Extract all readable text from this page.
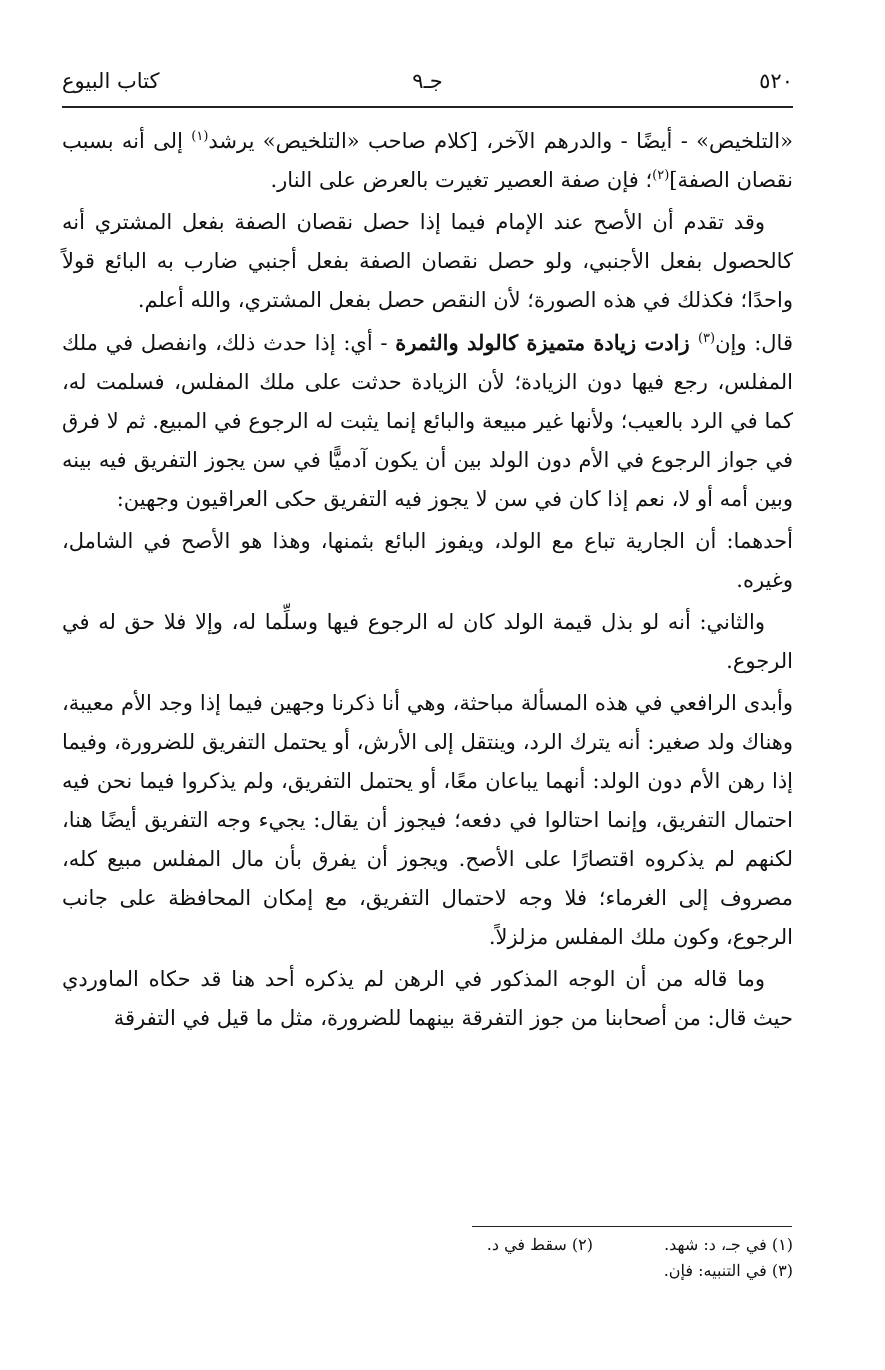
٥٢٠
جـ٩
كتاب البيوع

«التلخيص» - أيضًا - والدرهم الآخر، [كلام صاحب «التلخيص» يرشد$^{(١)}$ إلى أنه بسبب نقصان الصفة]$^{(٢)}$؛ فإن صفة العصير تغيرت بالعرض على النار.

وقد تقدم أن الأصح عند الإمام فيما إذا حصل نقصان الصفة بفعل المشتري أنه كالحصول بفعل الأجنبي، ولو حصل نقصان الصفة بفعل أجنبي ضارب به البائع قولاً واحدًا؛ فكذلك في هذه الصورة؛ لأن النقص حصل بفعل المشتري، والله أعلم.

قال: وإن$^{(٣)}$ زادت زيادة متميزة كالولد والثمرة - أي: إذا حدث ذلك، وانفصل في ملك المفلس، رجع فيها دون الزيادة؛ لأن الزيادة حدثت على ملك المفلس، فسلمت له، كما في الرد بالعيب؛ ولأنها غير مبيعة والبائع إنما يثبت له الرجوع في المبيع. ثم لا فرق في جواز الرجوع في الأم دون الولد بين أن يكون آدميًّا في سن يجوز التفريق فيه بينه وبين أمه أو لا، نعم إذا كان في سن لا يجوز فيه التفريق حكى العراقيون وجهين:

أحدهما: أن الجارية تباع مع الولد، ويفوز البائع بثمنها، وهذا هو الأصح في الشامل، وغيره.

والثاني: أنه لو بذل قيمة الولد كان له الرجوع فيها وسلِّما له، وإلا فلا حق له في الرجوع.

وأبدى الرافعي في هذه المسألة مباحثة، وهي أنا ذكرنا وجهين فيما إذا وجد الأم معيبة، وهناك ولد صغير: أنه يترك الرد، وينتقل إلى الأرش، أو يحتمل التفريق للضرورة، وفيما إذا رهن الأم دون الولد: أنهما يباعان معًا، أو يحتمل التفريق، ولم يذكروا فيما نحن فيه احتمال التفريق، وإنما احتالوا في دفعه؛ فيجوز أن يقال: يجيء وجه التفريق أيضًا هنا، لكنهم لم يذكروه اقتصارًا على الأصح. ويجوز أن يفرق بأن مال المفلس مبيع كله، مصروف إلى الغرماء؛ فلا وجه لاحتمال التفريق، مع إمكان المحافظة على جانب الرجوع، وكون ملك المفلس مزلزلاً.

وما قاله من أن الوجه المذكور في الرهن لم يذكره أحد هنا قد حكاه الماوردي حيث قال: من أصحابنا من جوز التفرقة بينهما للضرورة، مثل ما قيل في التفرقة

(١) في جـ، د: شهد.
(٢) سقط في د.
(٣) في التنبيه: فإن.
